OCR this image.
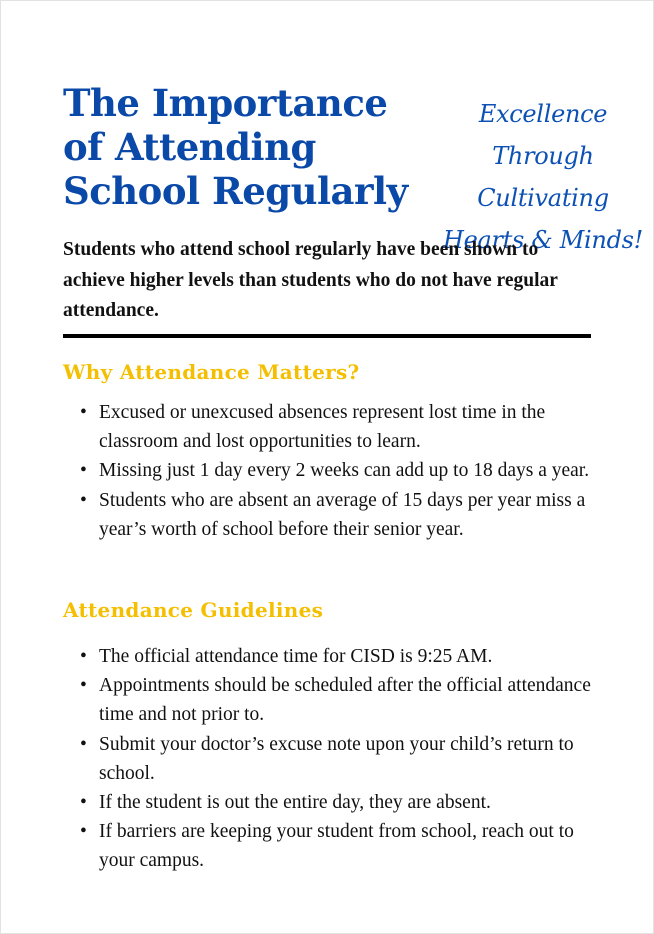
The Importance of Attending School Regularly
Excellence Through
Cultivating
Hearts & Minds!

Students who attend school regularly have been shown to achieve higher levels than students who do not have regular attendance.

Why Attendance Matters?
• Excused or unexcused absences represent lost time in the classroom and lost opportunities to learn.
• Missing just 1 day every 2 weeks can add up to 18 days a year.
• Students who are absent an average of 15 days per year miss a year’s worth of school before their senior year.
Attendance Guidelines
• The official attendance time for CISD is 9:25 AM.
• Appointments should be scheduled after the official attendance time and not prior to.
• Submit your doctor’s excuse note upon your child’s return to school.
• If the student is out the entire day, they are absent.
• If barriers are keeping your student from school, reach out to your campus.
